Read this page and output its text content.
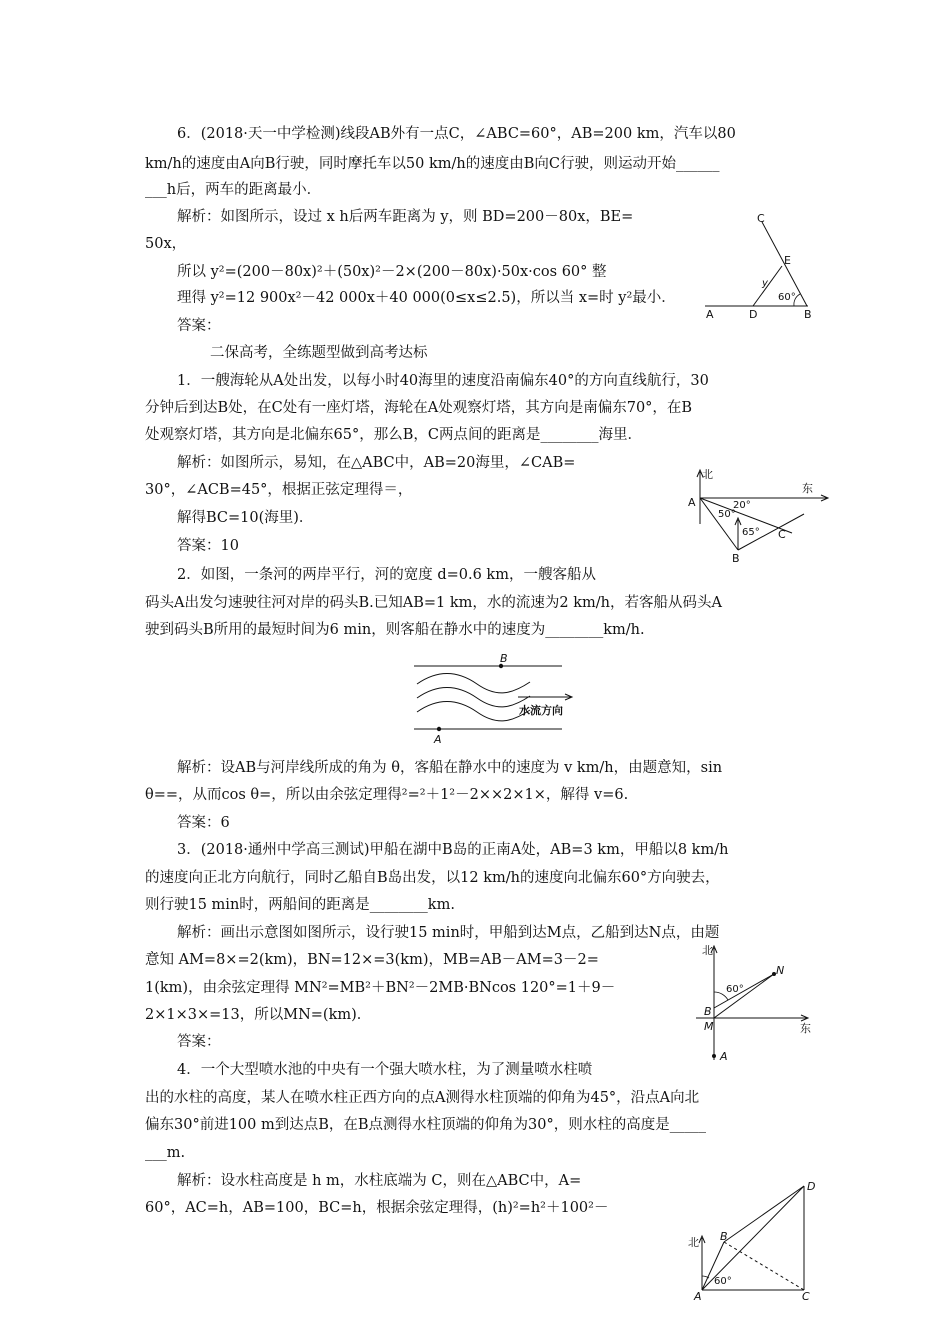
6．(2018·天一中学检测)线段AB外有一点C，∠ABC=60°，AB=200 km，汽车以80
km/h的速度由A向B行驶，同时摩托车以50 km/h的速度由B向C行驶，则运动开始______
___h后，两车的距离最小．
解析：如图所示，设过 x h后两车距离为 y，则 BD=200－80x，BE=
50x，
所以 y²=(200－80x)²＋(50x)²－2×(200－80x)·50x·cos 60° 整
理得 y²=12 900x²－42 000x＋40 000(0≤x≤2.5)，所以当 x=时 y²最小．
答案：
C
E
y
60°
A	D	B
二保高考，全练题型做到高考达标
1．一艘海轮从A处出发，以每小时40海里的速度沿南偏东40°的方向直线航行，30
分钟后到达B处，在C处有一座灯塔，海轮在A处观察灯塔，其方向是南偏东70°，在B
处观察灯塔，其方向是北偏东65°，那么B，C两点间的距离是________海里．
解析：如图所示，易知，在△ABC中，AB=20海里，∠CAB=
30°，∠ACB=45°，根据正弦定理得＝，
解得BC=10(海里)．
答案：10
北
东
A	20°
50°
65°
B
C
2．如图，一条河的两岸平行，河的宽度 d=0.6 km，一艘客船从
码头A出发匀速驶往河对岸的码头B.已知AB=1 km，水的流速为2 km/h，若客船从码头A
驶到码头B所用的最短时间为6 min，则客船在静水中的速度为________km/h.
B
A
水流方向
解析：设AB与河岸线所成的角为 θ，客船在静水中的速度为 v km/h，由题意知，sin
θ==，从而cos θ=，所以由余弦定理得²=²＋1²－2××2×1×，解得 v=6.
答案：6
3．(2018·通州中学高三测试)甲船在湖中B岛的正南A处，AB=3 km，甲船以8 km/h
的速度向正北方向航行，同时乙船自B岛出发，以12 km/h的速度向北偏东60°方向驶去，
则行驶15 min时，两船间的距离是________km.
解析：画出示意图如图所示，设行驶15 min时，甲船到达M点，乙船到达N点，由题
意知 AM=8×=2(km)，BN=12×=3(km)，MB=AB－AM=3－2=
1(km)，由余弦定理得 MN²=MB²＋BN²－2MB·BNcos 120°=1＋9－
2×1×3×=13，所以MN=(km)．
答案：
北
N
60°
B
M	东
A
4．一个大型喷水池的中央有一个强大喷水柱，为了测量喷水柱喷
出的水柱的高度，某人在喷水柱正西方向的点A测得水柱顶端的仰角为45°，沿点A向北
偏东30°前进100 m到达点B，在B点测得水柱顶端的仰角为30°，则水柱的高度是_____
___m.
解析：设水柱高度是 h m，水柱底端为 C，则在△ABC中，A=
60°，AC=h，AB=100，BC=h，根据余弦定理得，(h)²=h²＋100²－
D
北 B
60°
A	C
